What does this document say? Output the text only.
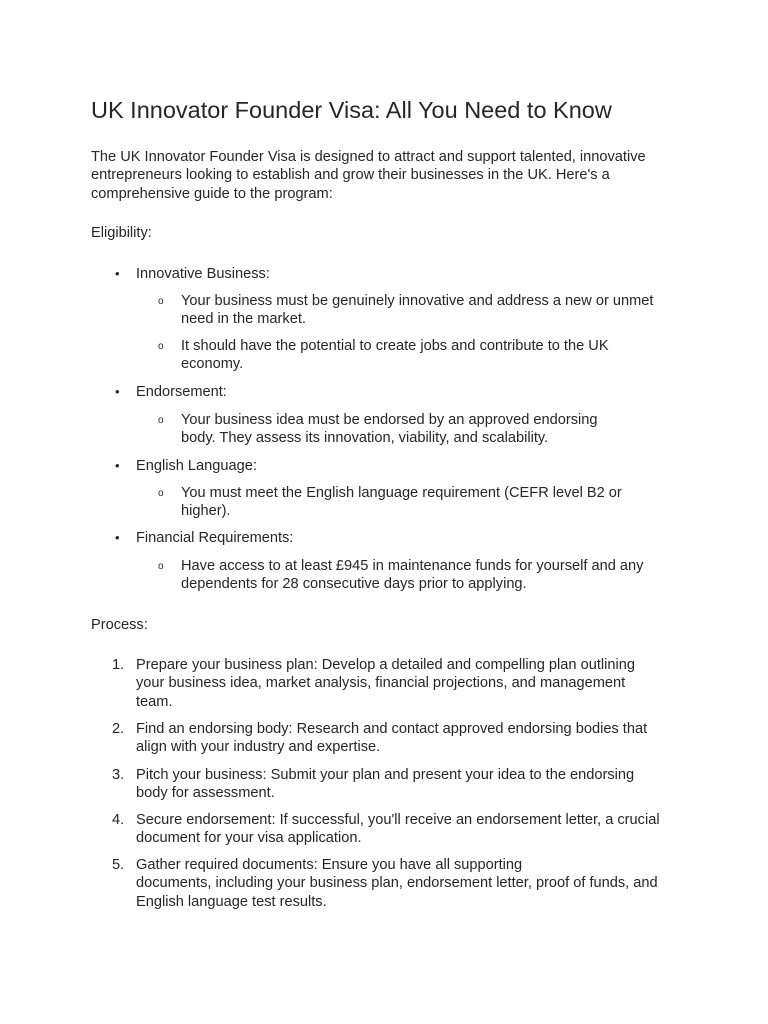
UK Innovator Founder Visa: All You Need to Know

The UK Innovator Founder Visa is designed to attract and support talented, innovative
entrepreneurs looking to establish and grow their businesses in the UK. Here's a
comprehensive guide to the program:

Eligibility:

• Innovative Business:
o Your business must be genuinely innovative and address a new or unmet
need in the market.
o It should have the potential to create jobs and contribute to the UK
economy.
• Endorsement:
o Your business idea must be endorsed by an approved endorsing
body. They assess its innovation, viability, and scalability.
• English Language:
o You must meet the English language requirement (CEFR level B2 or
higher).
• Financial Requirements:
o Have access to at least £945 in maintenance funds for yourself and any
dependents for 28 consecutive days prior to applying.

Process:

1. Prepare your business plan: Develop a detailed and compelling plan outlining
your business idea, market analysis, financial projections, and management
team.
2. Find an endorsing body: Research and contact approved endorsing bodies that
align with your industry and expertise.
3. Pitch your business: Submit your plan and present your idea to the endorsing
body for assessment.
4. Secure endorsement: If successful, you'll receive an endorsement letter, a crucial
document for your visa application.
5. Gather required documents: Ensure you have all supporting
documents, including your business plan, endorsement letter, proof of funds, and
English language test results.
